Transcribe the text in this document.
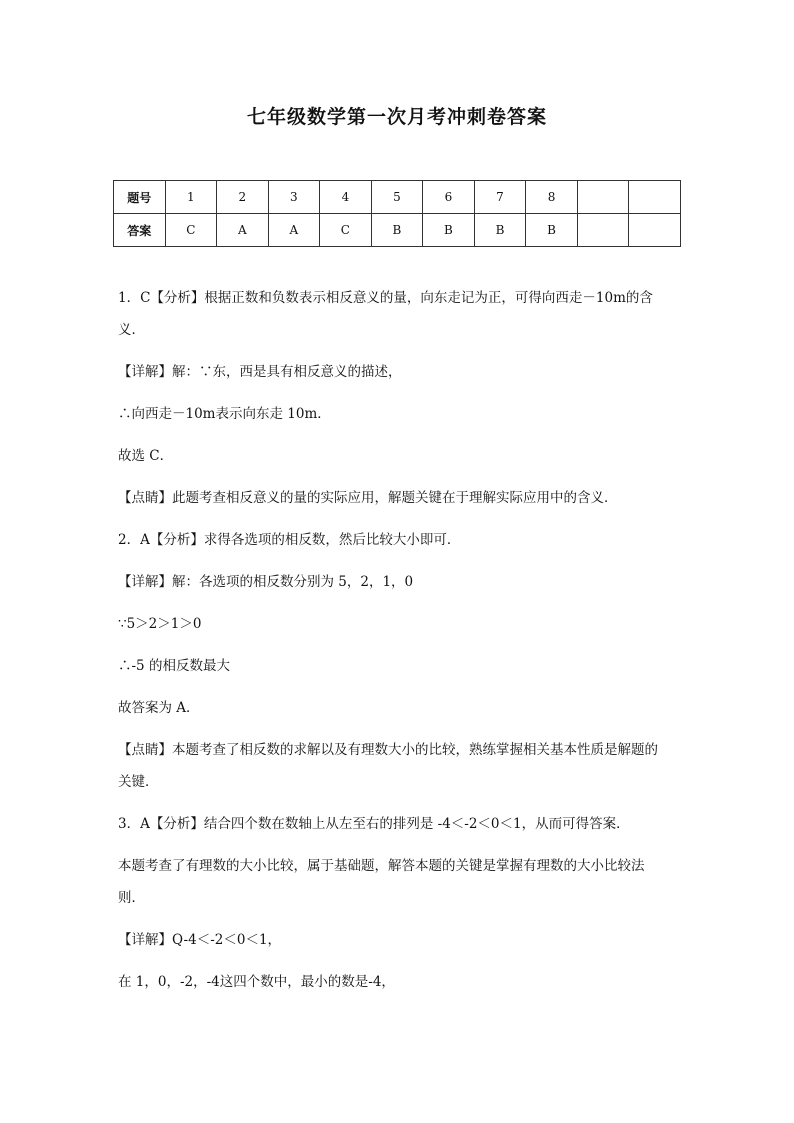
七年级数学第一次月考冲刺卷答案
题号	1	2	3	4	5	6	7	8		
答案	C	A	A	C	B	B	B	B		
1．C【分析】根据正数和负数表示相反意义的量，向东走记为正，可得向西走－10m的含
义．
【详解】解：∵东，西是具有相反意义的描述，
∴向西走－10m表示向东走 10m．
故选 C．
【点睛】此题考查相反意义的量的实际应用，解题关键在于理解实际应用中的含义．
2．A【分析】求得各选项的相反数，然后比较大小即可．
【详解】解：各选项的相反数分别为 5，2，1，0
∵5＞2＞1＞0
∴-5 的相反数最大
故答案为 A．
【点睛】本题考查了相反数的求解以及有理数大小的比较，熟练掌握相关基本性质是解题的
关键．
3．A【分析】结合四个数在数轴上从左至右的排列是 -4＜-2＜0＜1，从而可得答案．
本题考查了有理数的大小比较，属于基础题，解答本题的关键是掌握有理数的大小比较法
则．
【详解】Q-4＜-2＜0＜1，
在 1，0，-2，-4这四个数中，最小的数是-4，
